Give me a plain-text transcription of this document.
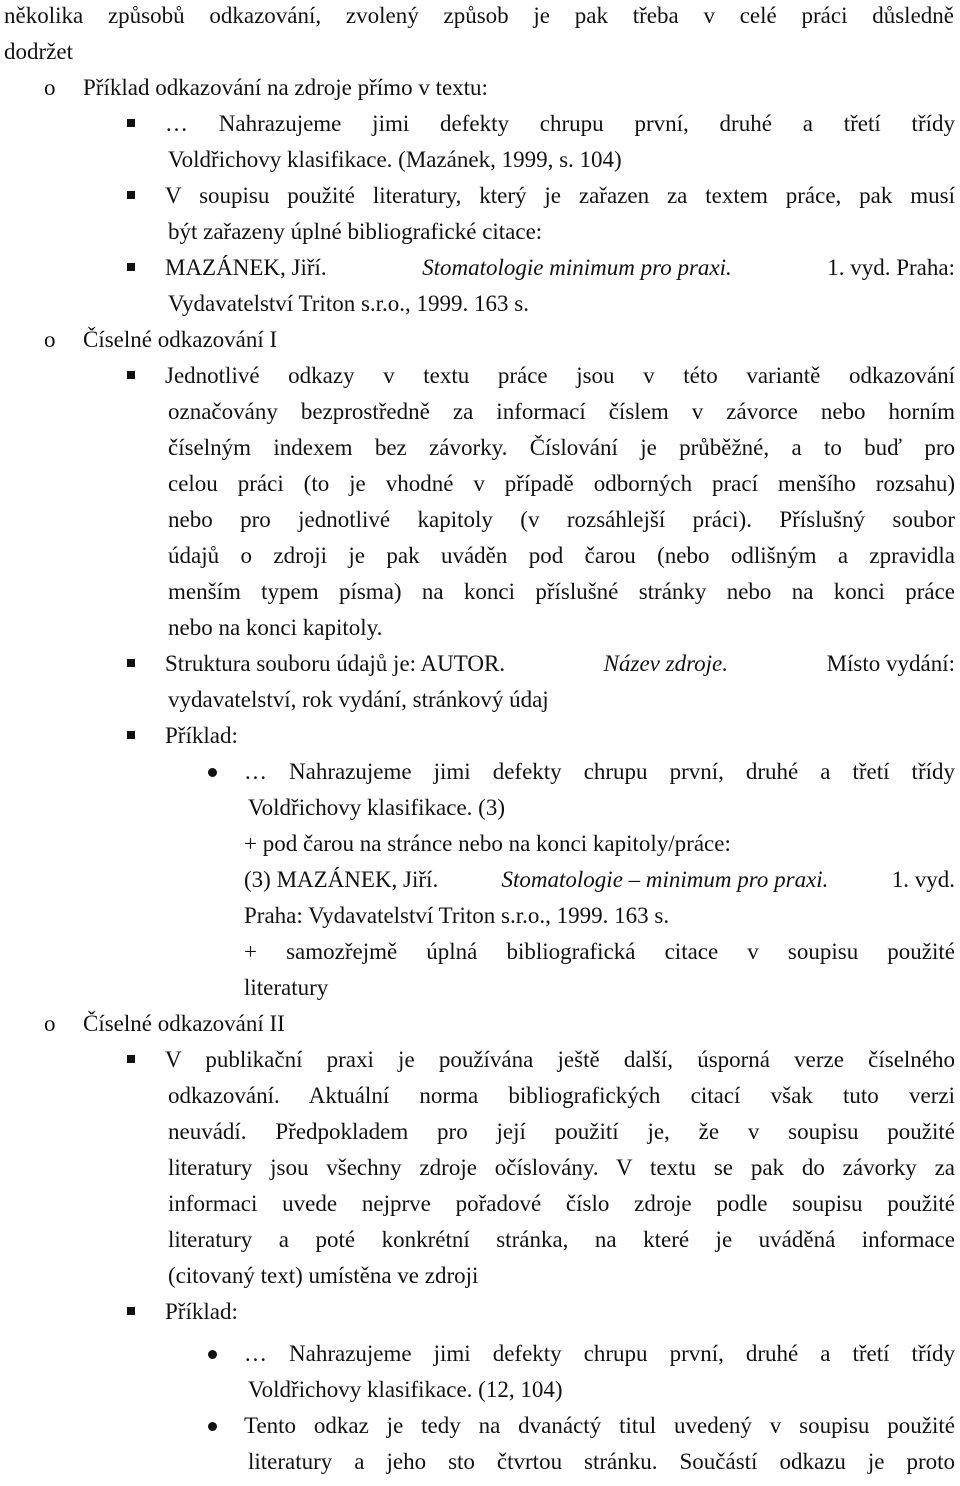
několika způsobů odkazování, zvolený způsob je pak třeba v celé práci důsledně
dodržet
o Příklad odkazování na zdroje přímo v textu:
… Nahrazujeme jimi defekty chrupu první, druhé a třetí třídy
Voldřichovy klasifikace. (Mazánek, 1999, s. 104)
V soupisu použité literatury, který je zařazen za textem práce, pak musí
být zařazeny úplné bibliografické citace:
MAZÁNEK, Jiří.	Stomatologie minimum pro praxi.	1. vyd. Praha:
Vydavatelství Triton s.r.o., 1999. 163 s.
o Číselné odkazování I
Jednotlivé odkazy v textu práce jsou v této variantě odkazování
označovány bezprostředně za informací číslem v závorce nebo horním
číselným indexem bez závorky. Číslování je průběžné, a to buď pro
celou práci (to je vhodné v případě odborných prací menšího rozsahu)
nebo pro jednotlivé kapitoly (v rozsáhlejší práci). Příslušný soubor
údajů o zdroji je pak uváděn pod čarou (nebo odlišným a zpravidla
menším typem písma) na konci příslušné stránky nebo na konci práce
nebo na konci kapitoly.
Struktura souboru údajů je: AUTOR.	Název zdroje.	Místo vydání:
vydavatelství, rok vydání, stránkový údaj
Příklad:
… Nahrazujeme jimi defekty chrupu první, druhé a třetí třídy
Voldřichovy klasifikace. (3)
+ pod čarou na stránce nebo na konci kapitoly/práce:
(3) MAZÁNEK, Jiří.	Stomatologie – minimum pro praxi.	1. vyd.
Praha: Vydavatelství Triton s.r.o., 1999. 163 s.
+ samozřejmě úplná bibliografická citace v soupisu použité
literatury
o Číselné odkazování II
V publikační praxi je používána ještě další, úsporná verze číselného
odkazování. Aktuální norma bibliografických citací však tuto verzi
neuvádí. Předpokladem pro její použití je, že v soupisu použité
literatury jsou všechny zdroje očíslovány. V textu se pak do závorky za
informaci uvede nejprve pořadové číslo zdroje podle soupisu použité
literatury a poté konkrétní stránka, na které je uváděná informace
(citovaný text) umístěna ve zdroji
Příklad:
… Nahrazujeme jimi defekty chrupu první, druhé a třetí třídy
Voldřichovy klasifikace. (12, 104)
Tento odkaz je tedy na dvanáctý titul uvedený v soupisu použité
literatury a jeho sto čtvrtou stránku. Součástí odkazu je proto
